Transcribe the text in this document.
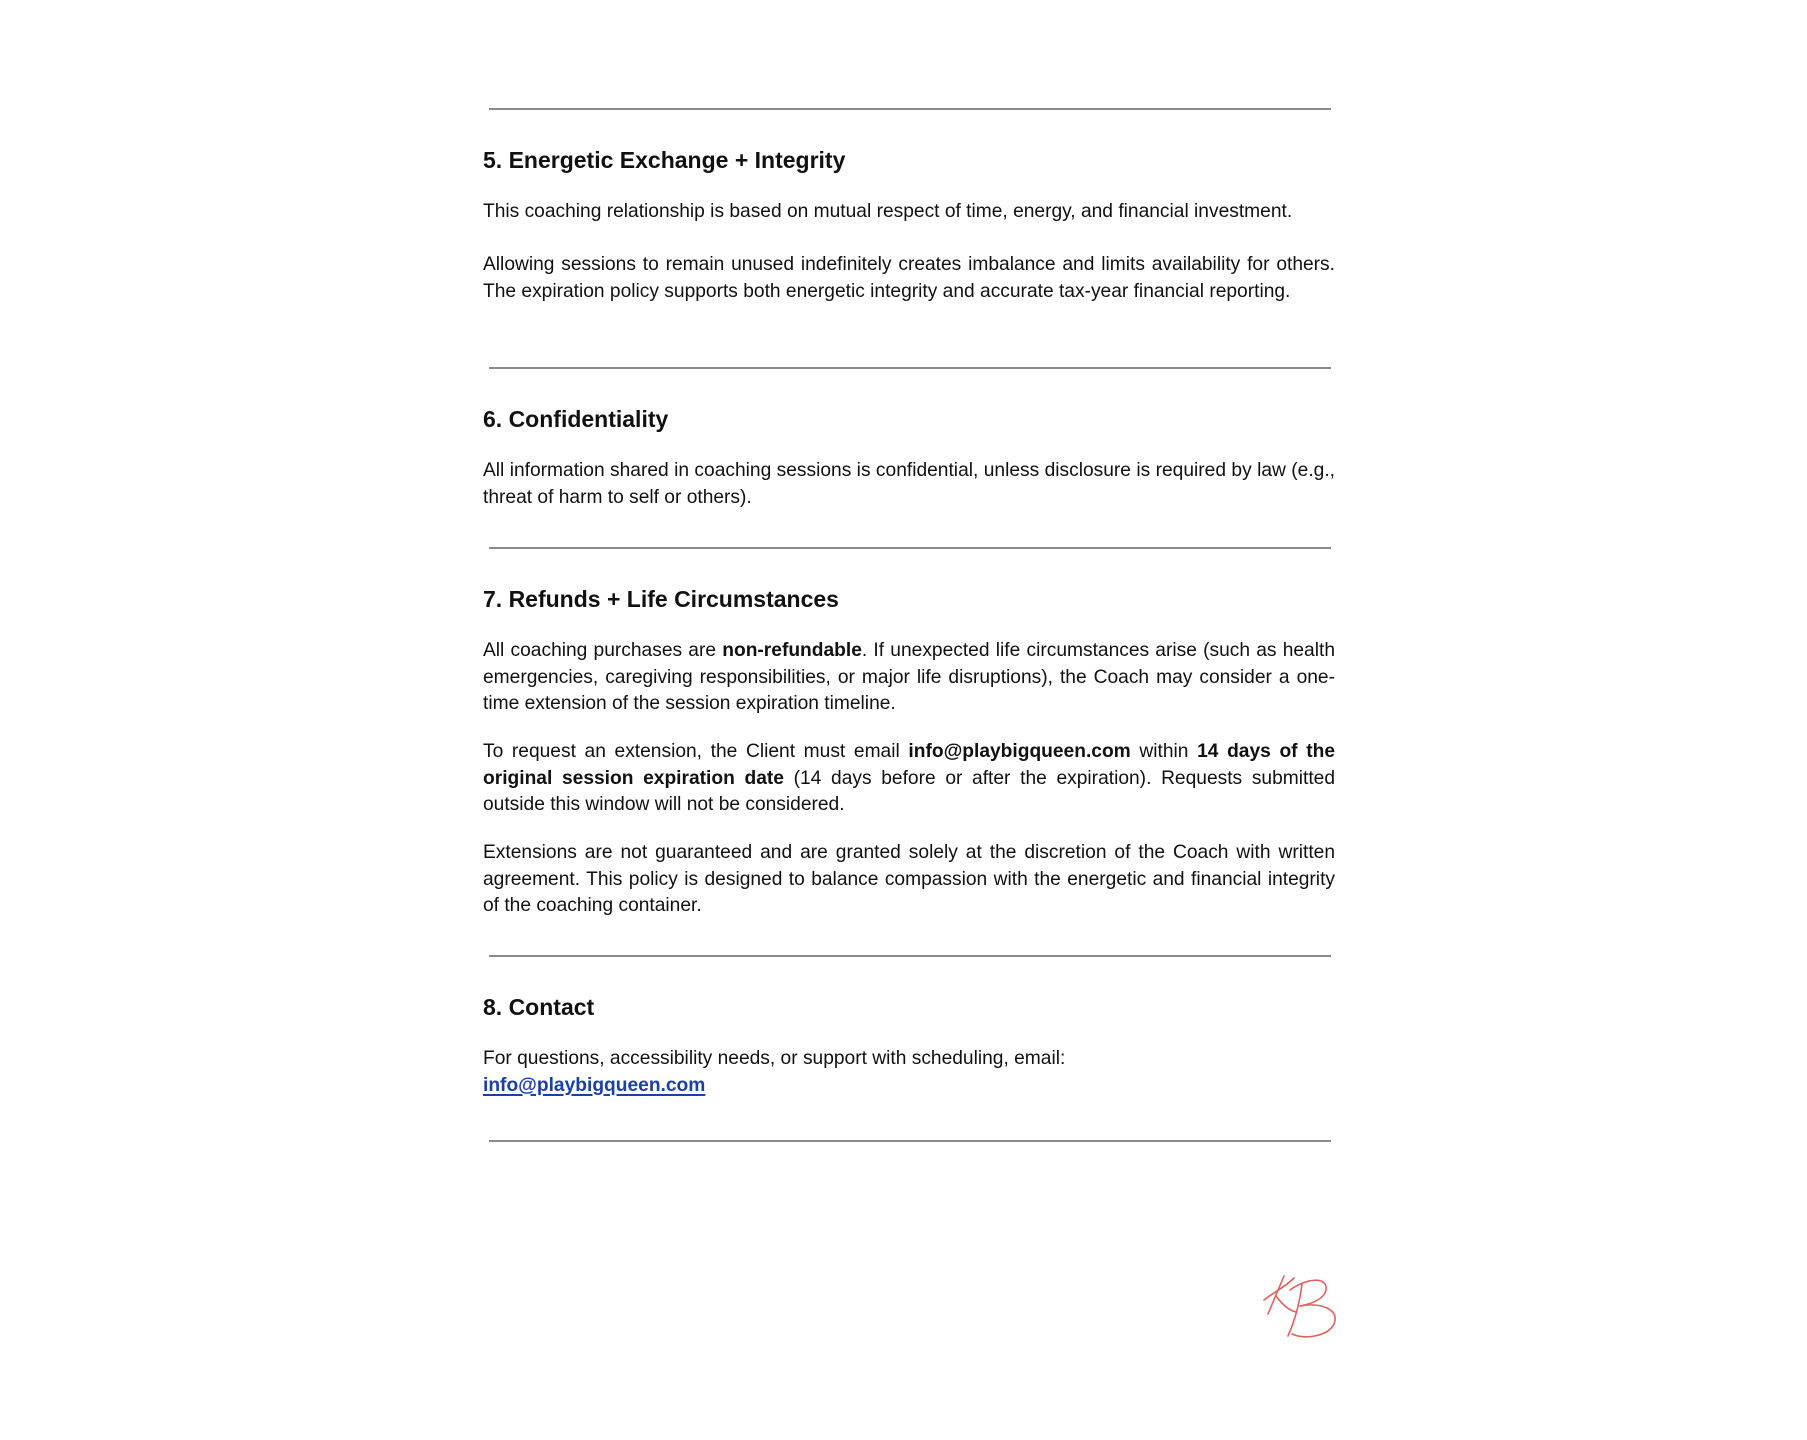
5. Energetic Exchange + Integrity

This coaching relationship is based on mutual respect of time, energy, and financial investment.

Allowing sessions to remain unused indefinitely creates imbalance and limits availability for others. The expiration policy supports both energetic integrity and accurate tax-year financial reporting.

6. Confidentiality

All information shared in coaching sessions is confidential, unless disclosure is required by law (e.g., threat of harm to self or others).

7. Refunds + Life Circumstances

All coaching purchases are non-refundable. If unexpected life circumstances arise (such as health emergencies, caregiving responsibilities, or major life disruptions), the Coach may consider a one-time extension of the session expiration timeline.

To request an extension, the Client must email info@playbigqueen.com within 14 days of the original session expiration date (14 days before or after the expiration). Requests submitted outside this window will not be considered.

Extensions are not guaranteed and are granted solely at the discretion of the Coach with written agreement. This policy is designed to balance compassion with the energetic and financial integrity of the coaching container.

8. Contact

For questions, accessibility needs, or support with scheduling, email:
info@playbigqueen.com
